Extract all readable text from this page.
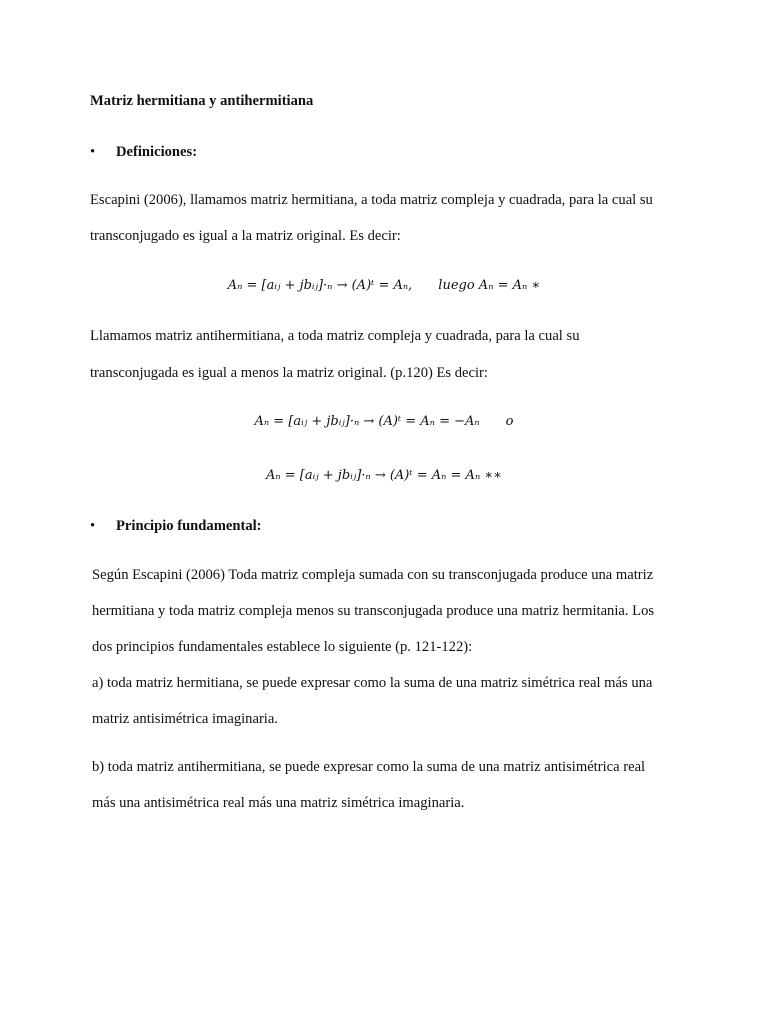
Matriz hermitiana y antihermitiana
•Definiciones:
Escapini (2006), llamamos matriz hermitiana, a toda matriz compleja y cuadrada, para la cual su
transconjugado es igual a la matriz original. Es decir:
Aₙ = [aᵢⱼ + jbᵢⱼ]·ₙ → (A)ᵗ = Aₙ, luego Aₙ = Aₙ ∗
Llamamos matriz antihermitiana, a toda matriz compleja y cuadrada, para la cual su
transconjugada es igual a menos la matriz original. (p.120) Es decir:
Aₙ = [aᵢⱼ + jbᵢⱼ]·ₙ → (A)ᵗ = Aₙ = −Aₙ o
Aₙ = [aᵢⱼ + jbᵢⱼ]·ₙ → (A)ᵗ = Aₙ = Aₙ ∗∗
•Principio fundamental:
Según Escapini (2006) Toda matriz compleja sumada con su transconjugada produce una matriz
hermitiana y toda matriz compleja menos su transconjugada produce una matriz hermitania. Los
dos principios fundamentales establece lo siguiente (p. 121-122):
a) toda matriz hermitiana, se puede expresar como la suma de una matriz simétrica real más una
matriz antisimétrica imaginaria.
b) toda matriz antihermitiana, se puede expresar como la suma de una matriz antisimétrica real
más una antisimétrica real más una matriz simétrica imaginaria.
